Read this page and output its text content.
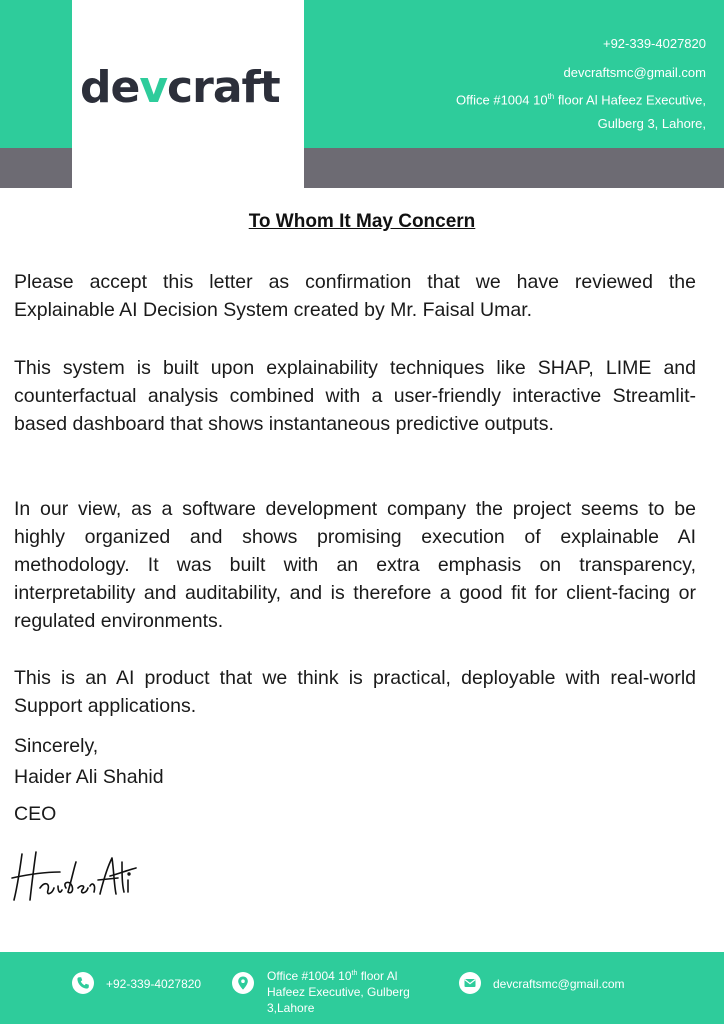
devcraft
+92-339-4027820
devcraftsmc@gmail.com
Office #1004 10th floor Al Hafeez Executive,
Gulberg 3, Lahore,
To Whom It May Concern
Please accept this letter as confirmation that we have reviewed the Explainable AI Decision System created by Mr. Faisal Umar.
This system is built upon explainability techniques like SHAP, LIME and counterfactual analysis combined with a user-friendly interactive Streamlit-based dashboard that shows instantaneous predictive outputs.
In our view, as a software development company the project seems to be highly organized and shows promising execution of explainable AI methodology. It was built with an extra emphasis on transparency, interpretability and auditability, and is therefore a good fit for client-facing or regulated environments.
This is an AI product that we think is practical, deployable with real-world Support applications.
Sincerely,
Haider Ali Shahid
CEO
+92-339-4027820
Office #1004 10th floor Al
Hafeez Executive, Gulberg
3,Lahore
devcraftsmc@gmail.com
